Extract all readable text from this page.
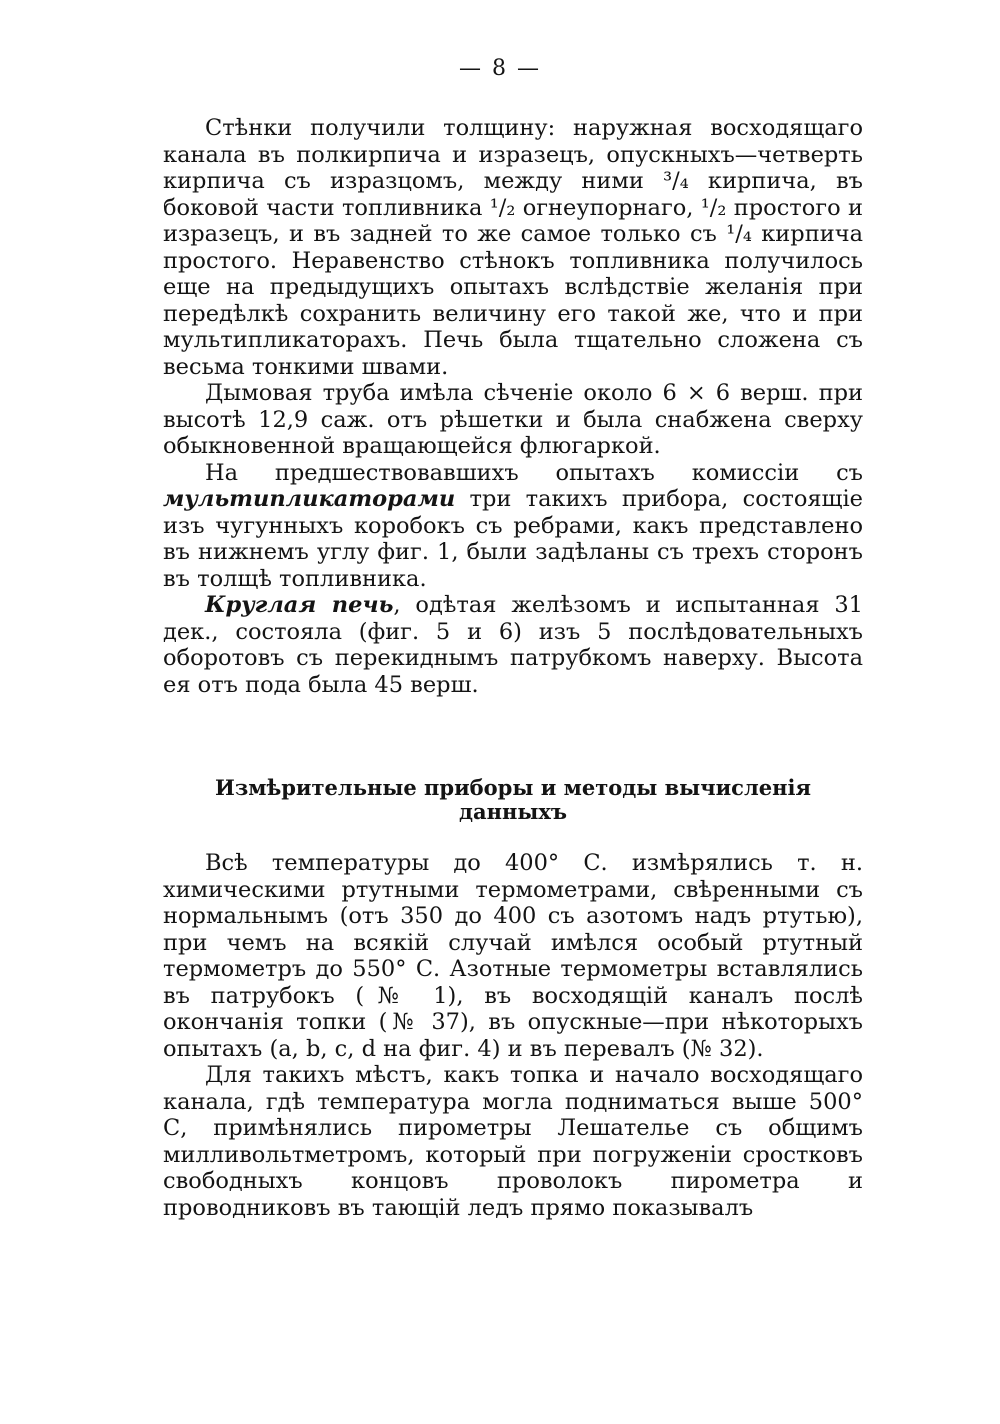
— 8 —

Стѣнки получили толщину: наружная восходящаго канала въ полкирпича и изразецъ, опускныхъ—четверть кирпича съ изразцомъ, между ними ³/₄ кирпича, въ боковой части топливника ¹/₂ огнеупорнаго, ¹/₂ простого и изразецъ, и въ задней то же самое только съ ¹/₄ кирпича простого. Неравенство стѣнокъ топливника получилось еще на предыдущихъ опытахъ вслѣдствіе желанія при передѣлкѣ сохранить величину его такой же, что и при мультипликаторахъ. Печь была тщательно сложена съ весьма тонкими швами.

Дымовая труба имѣла сѣченіе около 6 × 6 верш. при высотѣ 12,9 саж. отъ рѣшетки и была снабжена сверху обыкновенной вращающейся флюгаркой.

На предшествовавшихъ опытахъ комиссіи съ мультипликаторами три такихъ прибора, состоящіе изъ чугунныхъ коробокъ съ ребрами, какъ представлено въ нижнемъ углу фиг. 1, были задѣланы съ трехъ сторонъ въ толщѣ топливника.

Круглая печь, одѣтая желѣзомъ и испытанная 31 дек., состояла (фиг. 5 и 6) изъ 5 послѣдовательныхъ оборотовъ съ перекиднымъ патрубкомъ наверху. Высота ея отъ пода была 45 верш.

Измѣрительные приборы и методы вычисленія данныхъ

Всѣ температуры до 400° С. измѣрялись т. н. химическими ртутными термометрами, свѣренными съ нормальнымъ (отъ 350 до 400 съ азотомъ надъ ртутью), при чемъ на всякій случай имѣлся особый ртутный термометръ до 550° С. Азотные термометры вставлялись въ патрубокъ (№ 1), въ восходящій каналъ послѣ окончанія топки (№ 37), въ опускные—при нѣкоторыхъ опытахъ (a, b, c, d на фиг. 4) и въ перевалъ (№ 32).

Для такихъ мѣстъ, какъ топка и начало восходящаго канала, гдѣ температура могла подниматься выше 500° С, примѣнялись пирометры Лешателье съ общимъ милливольтметромъ, который при погруженіи сростковъ свободныхъ концовъ проволокъ пирометра и проводниковъ въ тающій ледъ прямо показывалъ
